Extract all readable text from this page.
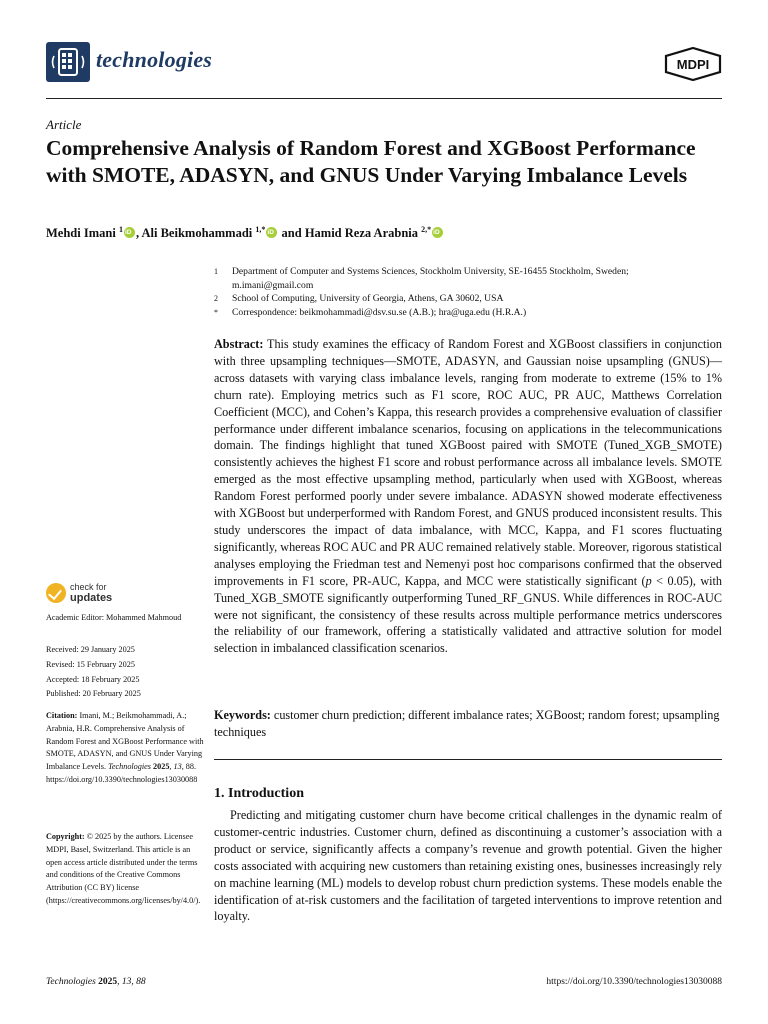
technologies	MDPI
Article
Comprehensive Analysis of Random Forest and XGBoost Performance with SMOTE, ADASYN, and GNUS Under Varying Imbalance Levels
Mehdi Imani $^1$iD , Ali Beikmohammadi $^{1,*}$iD and Hamid Reza Arabnia $^{2,*}$iD
1 Department of Computer and Systems Sciences, Stockholm University, SE-16455 Stockholm, Sweden;
m.imani@gmail.com
2 School of Computing, University of Georgia, Athens, GA 30602, USA
* Correspondence: beikmohammadi@dsv.su.se (A.B.); hra@uga.edu (H.R.A.)
Abstract: This study examines the efficacy of Random Forest and XGBoost classifiers in conjunction with three upsampling techniques—SMOTE, ADASYN, and Gaussian noise upsampling (GNUS)—across datasets with varying class imbalance levels, ranging from moderate to extreme (15% to 1% churn rate). Employing metrics such as F1 score, ROC AUC, PR AUC, Matthews Correlation Coefficient (MCC), and Cohen’s Kappa, this research provides a comprehensive evaluation of classifier performance under different imbalance scenarios, focusing on applications in the telecommunications domain. The findings highlight that tuned XGBoost paired with SMOTE (Tuned_XGB_SMOTE) consistently achieves the highest F1 score and robust performance across all imbalance levels. SMOTE emerged as the most effective upsampling method, particularly when used with XGBoost, whereas Random Forest performed poorly under severe imbalance. ADASYN showed moderate effectiveness with XGBoost but underperformed with Random Forest, and GNUS produced inconsistent results. This study underscores the impact of data imbalance, with MCC, Kappa, and F1 scores fluctuating significantly, whereas ROC AUC and PR AUC remained relatively stable. Moreover, rigorous statistical analyses employing the Friedman test and Nemenyi post hoc comparisons confirmed that the observed improvements in F1 score, PR-AUC, Kappa, and MCC were statistically significant (p < 0.05), with Tuned_XGB_SMOTE significantly outperforming Tuned_RF_GNUS. While differences in ROC-AUC were not significant, the consistency of these results across multiple performance metrics underscores the reliability of our framework, offering a statistically validated and attractive solution for model selection in imbalanced classification scenarios.
Keywords: customer churn prediction; different imbalance rates; XGBoost; random forest; upsampling techniques
1. Introduction
Predicting and mitigating customer churn have become critical challenges in the dynamic realm of customer-centric industries. Customer churn, defined as discontinuing a customer’s association with a product or service, significantly affects a company’s revenue and growth potential. Given the higher costs associated with acquiring new customers than retaining existing ones, businesses increasingly rely on machine learning (ML) models to develop robust churn prediction systems. These models enable the identification of at-risk customers and the facilitation of targeted interventions to improve retention and loyalty.
check for
updates
Academic Editor: Mohammed Mahmoud
Received: 29 January 2025
Revised: 15 February 2025
Accepted: 18 February 2025
Published: 20 February 2025
Citation: Imani, M.; Beikmohammadi, A.; Arabnia, H.R. Comprehensive Analysis of Random Forest and XGBoost Performance with SMOTE, ADASYN, and GNUS Under Varying Imbalance Levels. Technologies 2025, 13, 88. https://doi.org/10.3390/technologies13030088
Copyright: © 2025 by the authors. Licensee MDPI, Basel, Switzerland. This article is an open access article distributed under the terms and conditions of the Creative Commons Attribution (CC BY) license (https://creativecommons.org/licenses/by/4.0/).
Technologies 2025, 13, 88	https://doi.org/10.3390/technologies13030088
